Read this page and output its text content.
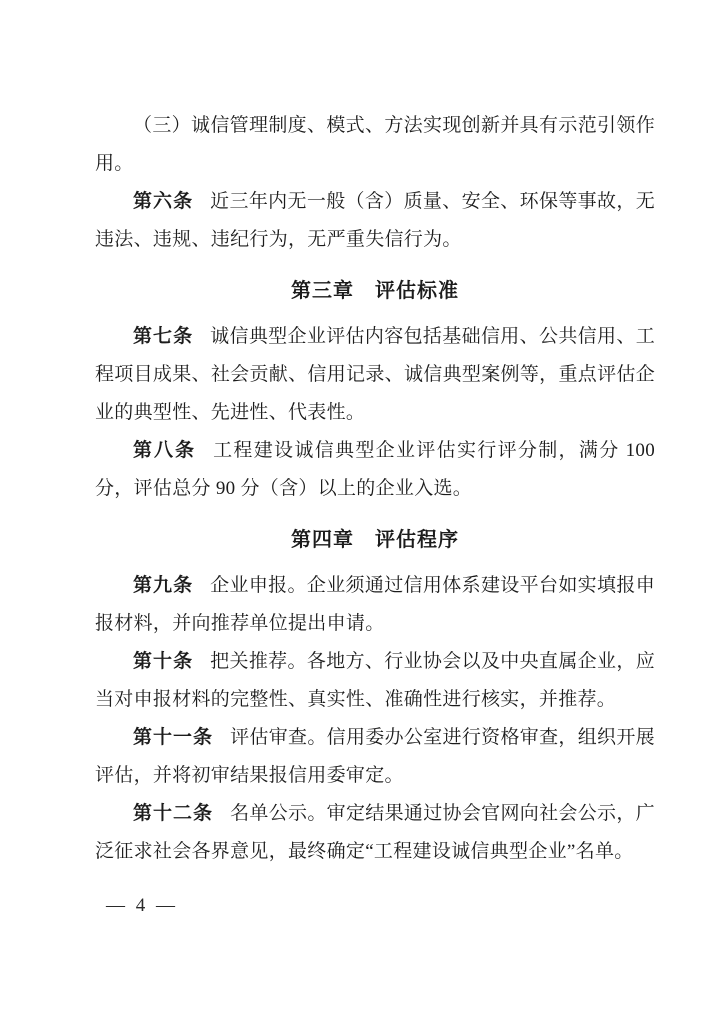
（三）诚信管理制度、模式、方法实现创新并具有示范引领作用。

第六条 近三年内无一般（含）质量、安全、环保等事故，无违法、违规、违纪行为，无严重失信行为。

第三章　评估标准

第七条 诚信典型企业评估内容包括基础信用、公共信用、工程项目成果、社会贡献、信用记录、诚信典型案例等，重点评估企业的典型性、先进性、代表性。

第八条 工程建设诚信典型企业评估实行评分制，满分 100 分，评估总分 90 分（含）以上的企业入选。

第四章　评估程序

第九条 企业申报。企业须通过信用体系建设平台如实填报申报材料，并向推荐单位提出申请。

第十条 把关推荐。各地方、行业协会以及中央直属企业，应当对申报材料的完整性、真实性、准确性进行核实，并推荐。

第十一条 评估审查。信用委办公室进行资格审查，组织开展评估，并将初审结果报信用委审定。

第十二条 名单公示。审定结果通过协会官网向社会公示，广泛征求社会各界意见，最终确定“工程建设诚信典型企业”名单。

— 4 —
